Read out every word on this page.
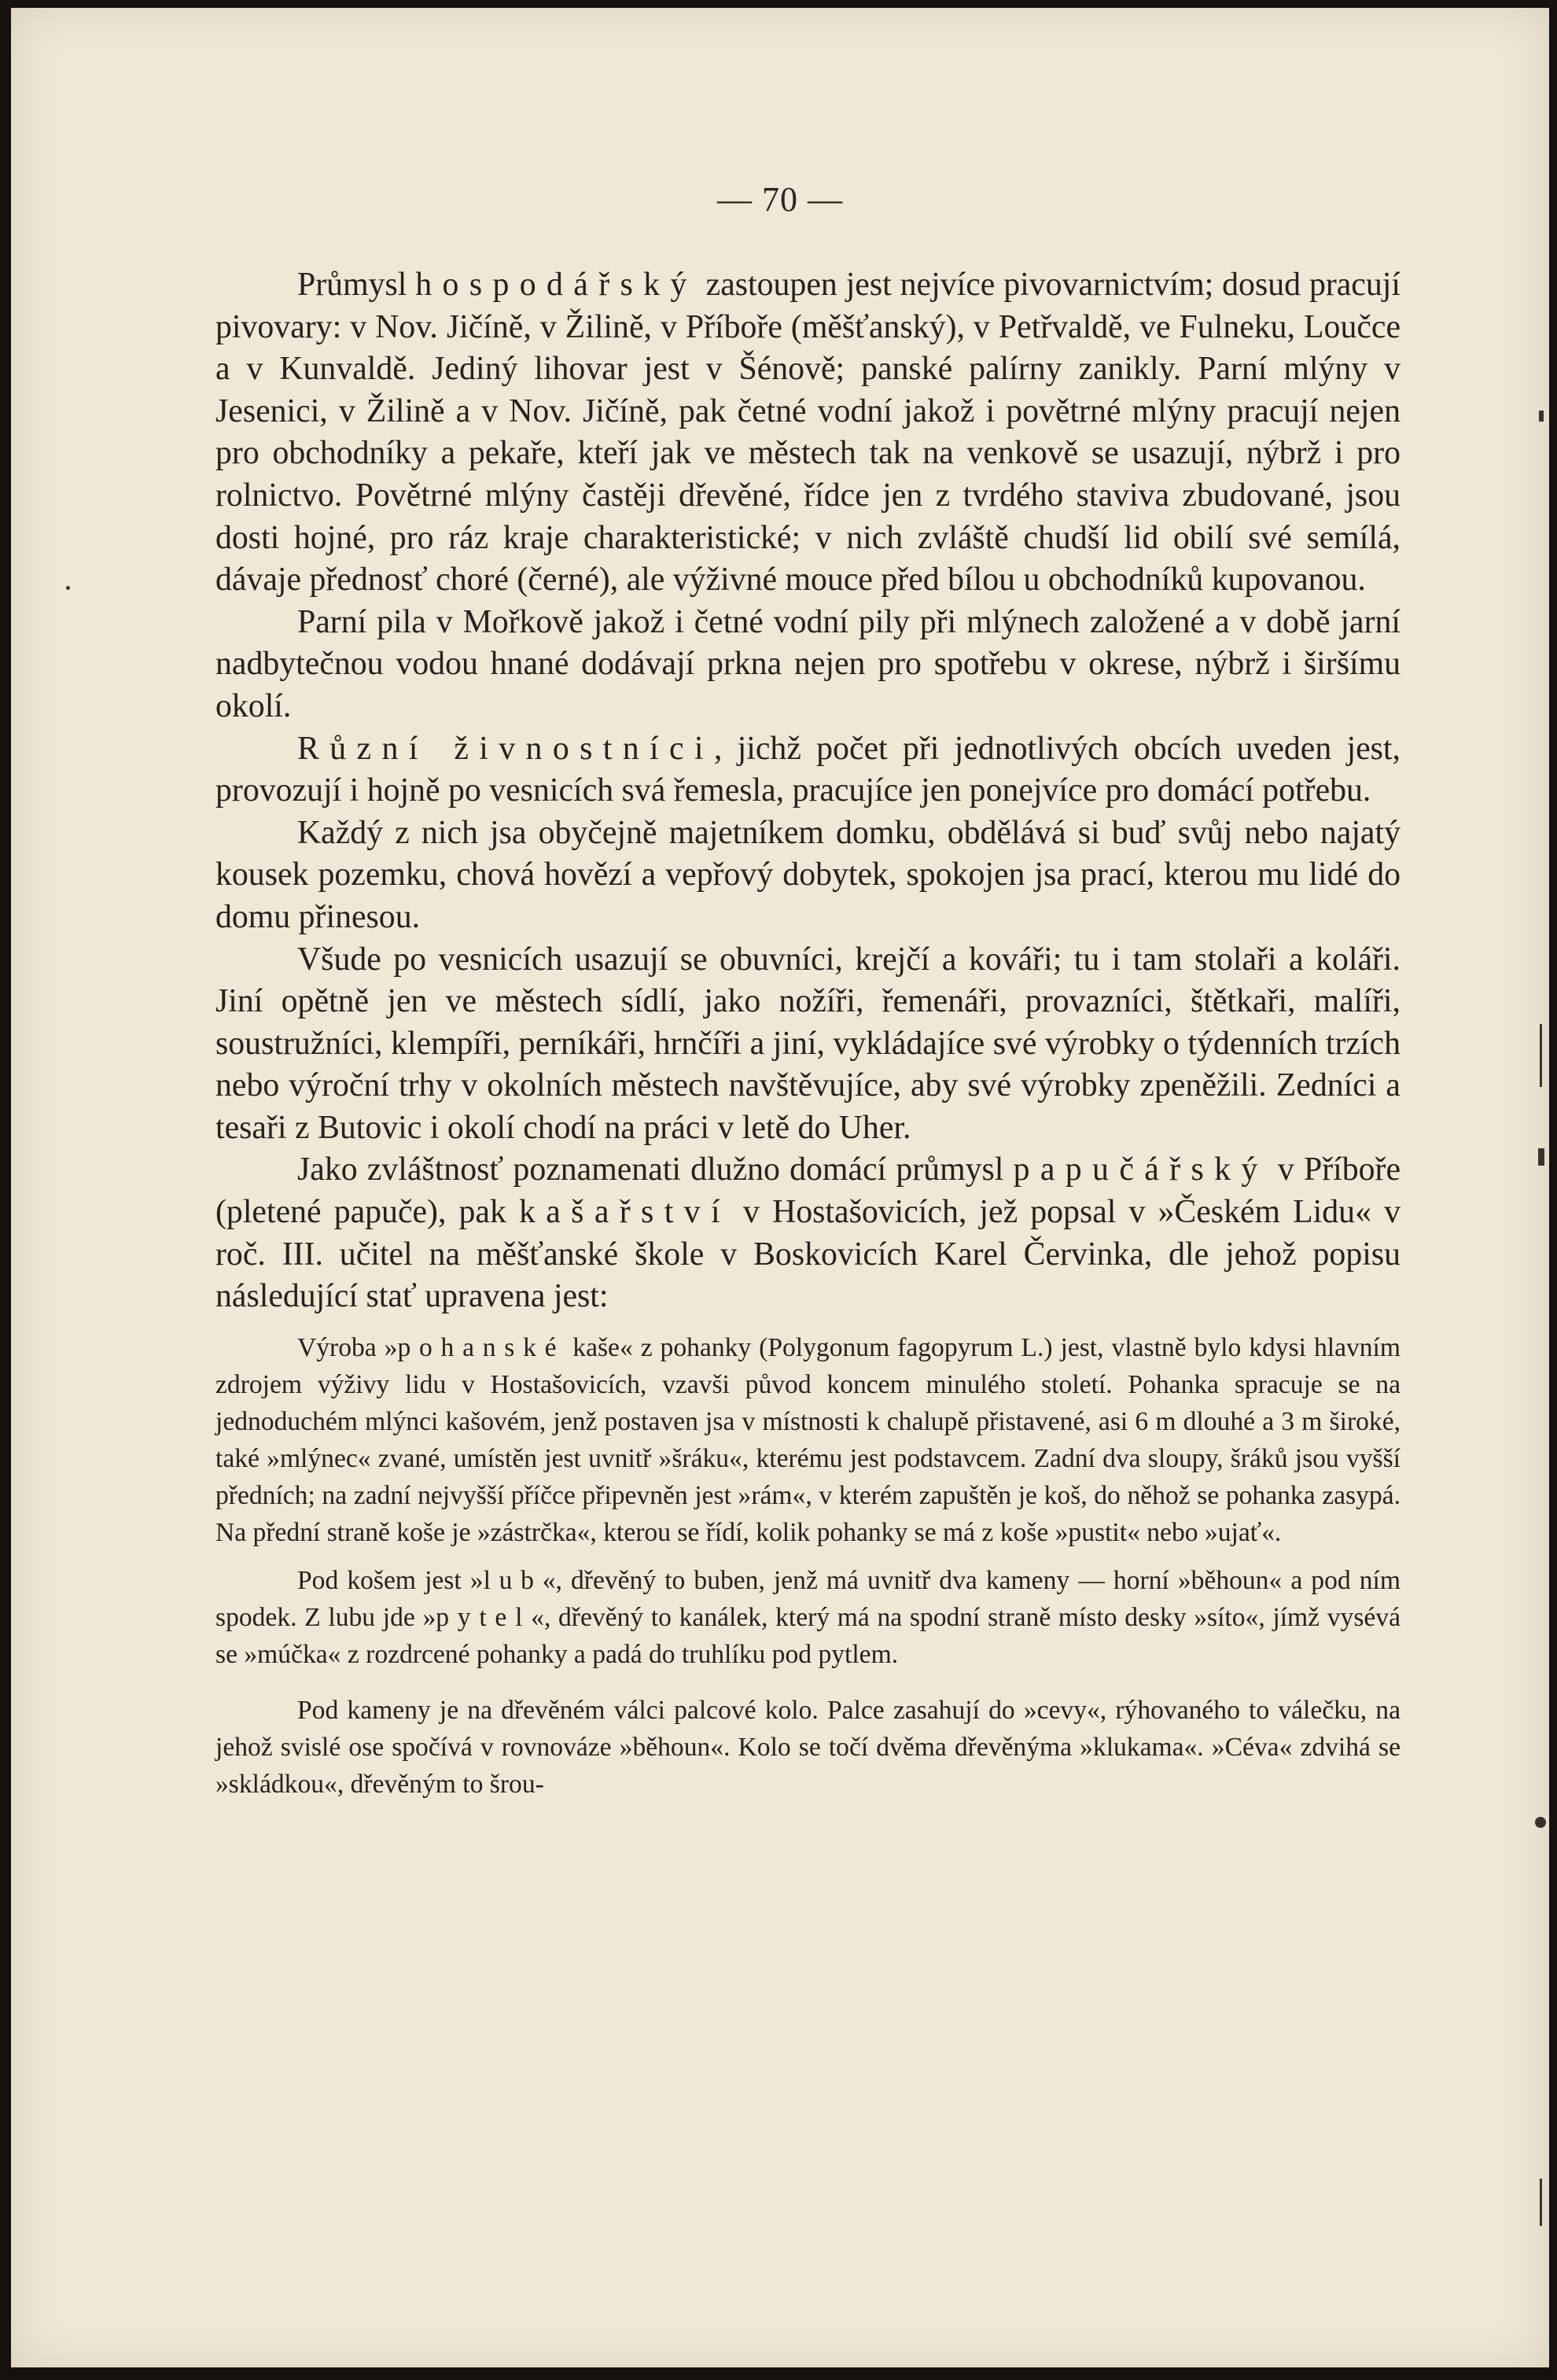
— 70 —

Průmysl hospodářský zastoupen jest nejvíce pivovarnictvím; dosud pracují pivovary: v Nov. Jičíně, v Žilině, v Příboře (měšťanský), v Petřvaldě, ve Fulneku, Loučce a v Kunvaldě. Jediný lihovar jest v Šénově; panské palírny zanikly. Parní mlýny v Jesenici, v Žilině a v Nov. Jičíně, pak četné vodní jakož i povětrné mlýny pracují nejen pro obchodníky a pekaře, kteří jak ve městech tak na venkově se usazují, nýbrž i pro rolnictvo. Povětrné mlýny častěji dřevěné, řídce jen z tvrdého staviva zbudované, jsou dosti hojné, pro ráz kraje charakteristické; v nich zvláště chudší lid obilí své semílá, dávaje přednosť choré (černé), ale výživné mouce před bílou u obchodníků kupovanou.

Parní pila v Mořkově jakož i četné vodní pily při mlýnech založené a v době jarní nadbytečnou vodou hnané dodávají prkna nejen pro spotřebu v okrese, nýbrž i širšímu okolí.

Různí živnostníci, jichž počet při jednotlivých obcích uveden jest, provozují i hojně po vesnicích svá řemesla, pracujíce jen ponejvíce pro domácí potřebu.

Každý z nich jsa obyčejně majetníkem domku, obdělává si buď svůj nebo najatý kousek pozemku, chová hovězí a vepřový dobytek, spokojen jsa prací, kterou mu lidé do domu přinesou.

Všude po vesnicích usazují se obuvníci, krejčí a kováři; tu i tam stolaři a koláři. Jiní opětně jen ve městech sídlí, jako nožíři, řemenáři, provazníci, štětkaři, malíři, soustružníci, klempíři, perníkáři, hrnčíři a jiní, vykládajíce své výrobky o týdenních trzích nebo výroční trhy v okolních městech navštěvujíce, aby své výrobky zpeněžili. Zedníci a tesaři z Butovic i okolí chodí na práci v letě do Uher.

Jako zvláštnosť poznamenati dlužno domácí průmysl papučářský v Příboře (pletené papuče), pak kašařství v Hostašovicích, jež popsal v »Českém Lidu« v roč. III. učitel na měšťanské škole v Boskovicích Karel Červinka, dle jehož popisu následující stať upravena jest:

Výroba »pohanské kaše« z pohanky (Polygonum fagopyrum L.) jest, vlastně bylo kdysi hlavním zdrojem výživy lidu v Hostašovicích, vzavši původ koncem minulého století. Pohanka spracuje se na jednoduchém mlýnci kašovém, jenž postaven jsa v místnosti k chalupě přistavené, asi 6 m dlouhé a 3 m široké, také »mlýnec« zvané, umístěn jest uvnitř »šráku«, kterému jest podstavcem. Zadní dva sloupy, šráků jsou vyšší předních; na zadní nejvyšší příčce připevněn jest »rám«, v kterém zapuštěn je koš, do něhož se pohanka zasypá. Na přední straně koše je »zástrčka«, kterou se řídí, kolik pohanky se má z koše »pustit« nebo »ujať«.

Pod košem jest »lub«, dřevěný to buben, jenž má uvnitř dva kameny — horní »běhoun« a pod ním spodek. Z lubu jde »pytel«, dřevěný to kanálek, který má na spodní straně místo desky »síto«, jímž vysévá se »múčka« z rozdrcené pohanky a padá do truhlíku pod pytlem.

Pod kameny je na dřevěném válci palcové kolo. Palce zasahují do »cevy«, rýhovaného to válečku, na jehož svislé ose spočívá v rovnováze »běhoun«. Kolo se točí dvěma dřevěnýma »klukama«. »Céva« zdvihá se »skládkou«, dřevěným to šrou-
